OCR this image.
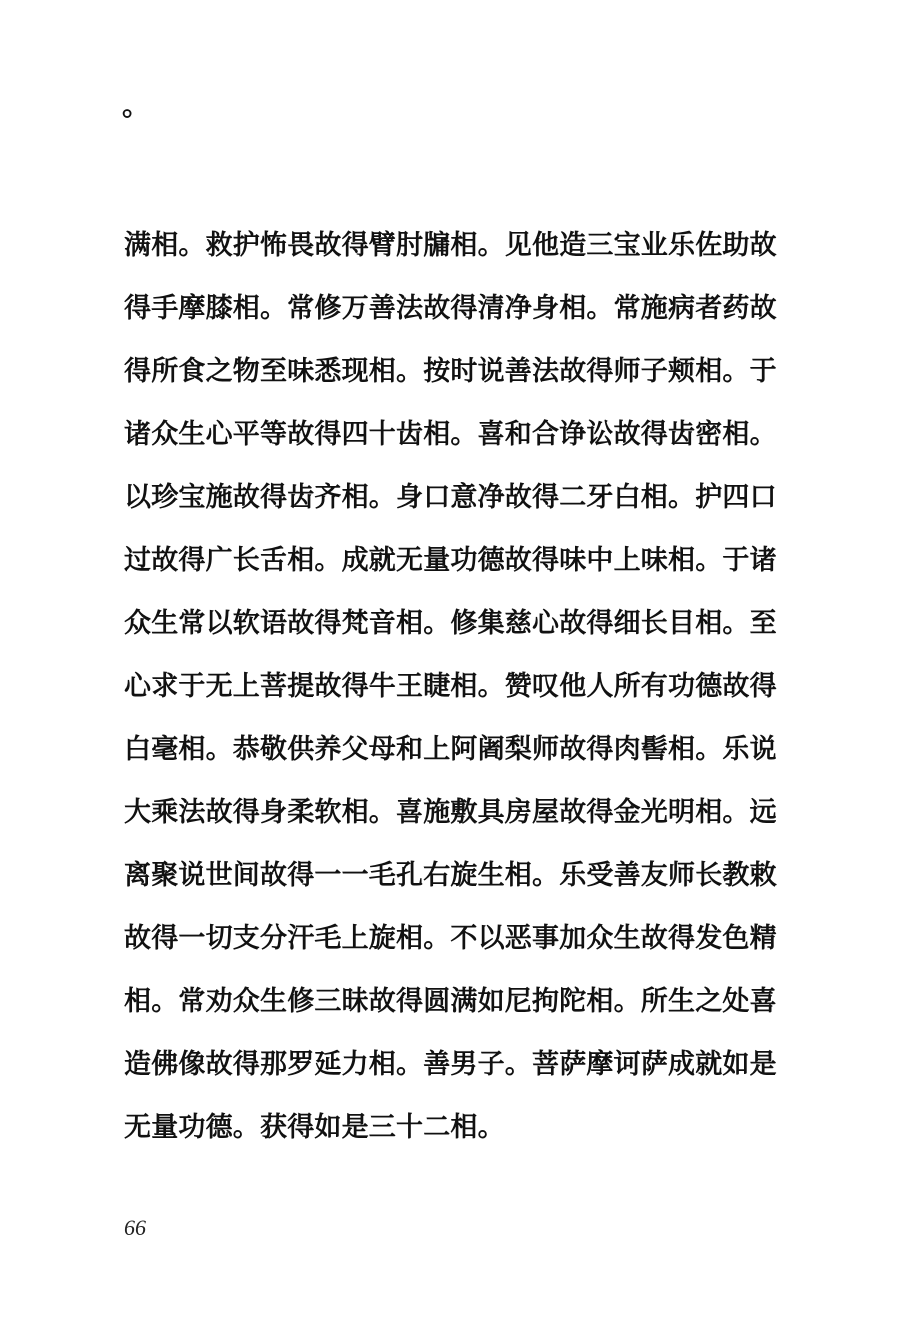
。
满相。救护怖畏故得臂肘牖相。见他造三宝业乐佐助故
得手摩膝相。常修万善法故得清净身相。常施病者药故
得所食之物至味悉现相。按时说善法故得师子颊相。于
诸众生心平等故得四十齿相。喜和合诤讼故得齿密相。
以珍宝施故得齿齐相。身口意净故得二牙白相。护四口
过故得广长舌相。成就无量功德故得味中上味相。于诸
众生常以软语故得梵音相。修集慈心故得细长目相。至
心求于无上菩提故得牛王睫相。赞叹他人所有功德故得
白毫相。恭敬供养父母和上阿阇梨师故得肉髻相。乐说
大乘法故得身柔软相。喜施敷具房屋故得金光明相。远
离聚说世间故得一一毛孔右旋生相。乐受善友师长教敕
故得一切支分汗毛上旋相。不以恶事加众生故得发色精
相。常劝众生修三昧故得圆满如尼拘陀相。所生之处喜
造佛像故得那罗延力相。善男子。菩萨摩诃萨成就如是
无量功德。获得如是三十二相。
66
